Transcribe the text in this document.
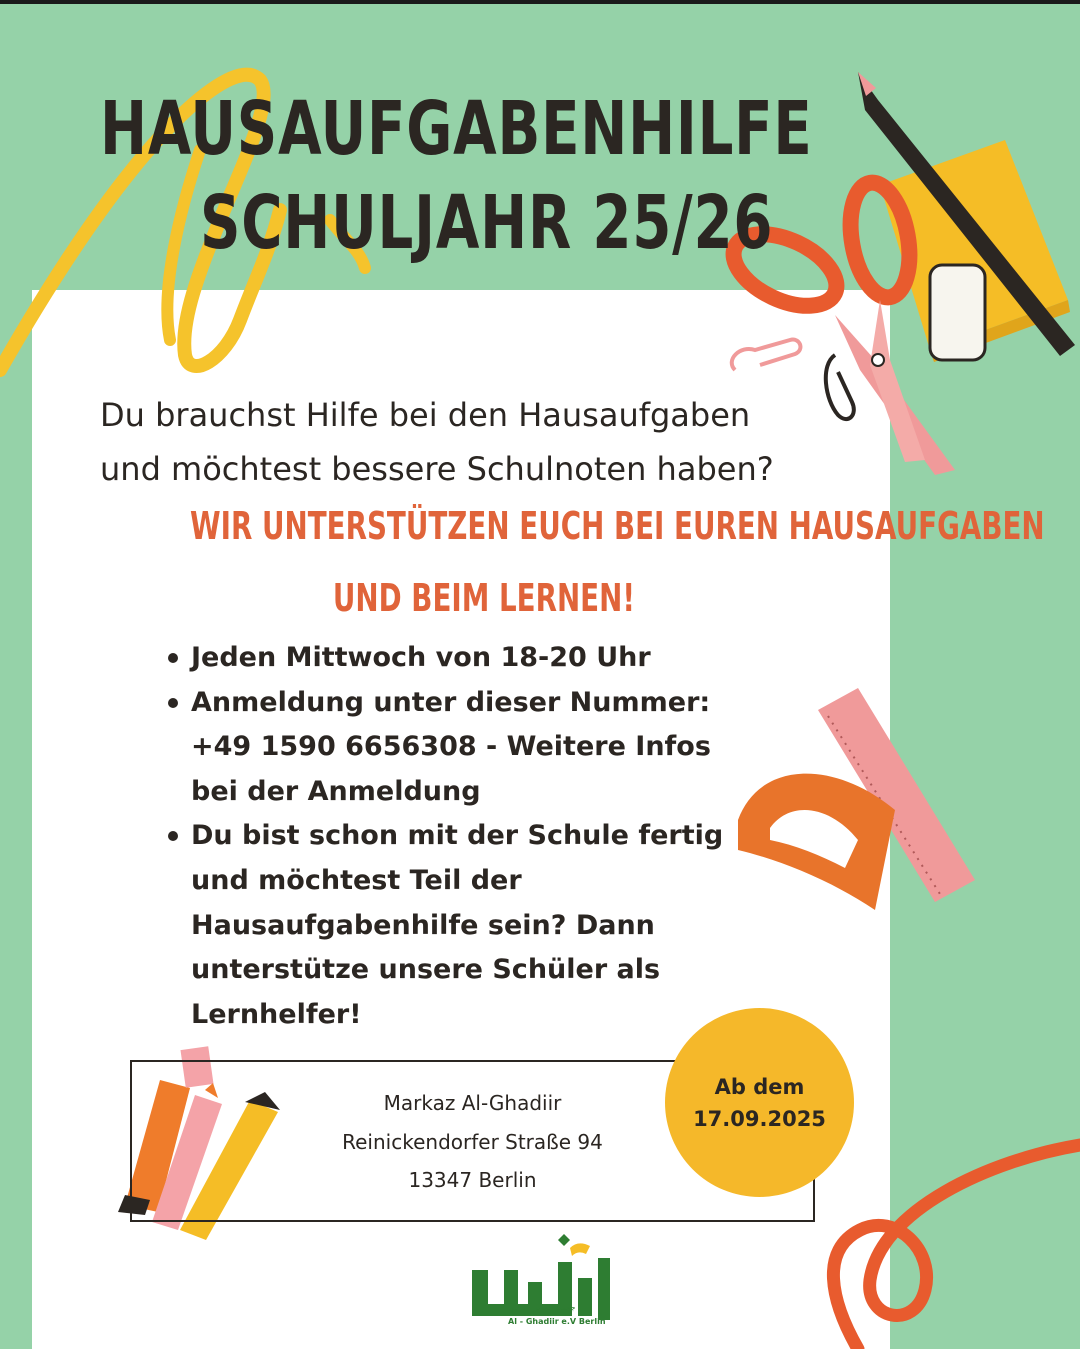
HAUSAUFGABENHILFE
SCHULJAHR 25/26

Du brauchst Hilfe bei den Hausaufgaben
und möchtest bessere Schulnoten haben?

WIR UNTERSTÜTZEN EUCH BEI EUREN HAUSAUFGABEN

UND BEIM LERNEN!

Jeden Mittwoch von 18-20 Uhr
Anmeldung unter dieser Nummer: +49 1590 6656308 - Weitere Infos bei der Anmeldung
Du bist schon mit der Schule fertig und möchtest Teil der Hausaufgabenhilfe sein? Dann unterstütze unsere Schüler als Lernhelfer!
Markaz Al-Ghadiir
Reinickendorfer Straße 94
13347 Berlin
Ab dem
17.09.2025
جمعية الغدير - برلين
Al - Ghadiir e.V Berlin
